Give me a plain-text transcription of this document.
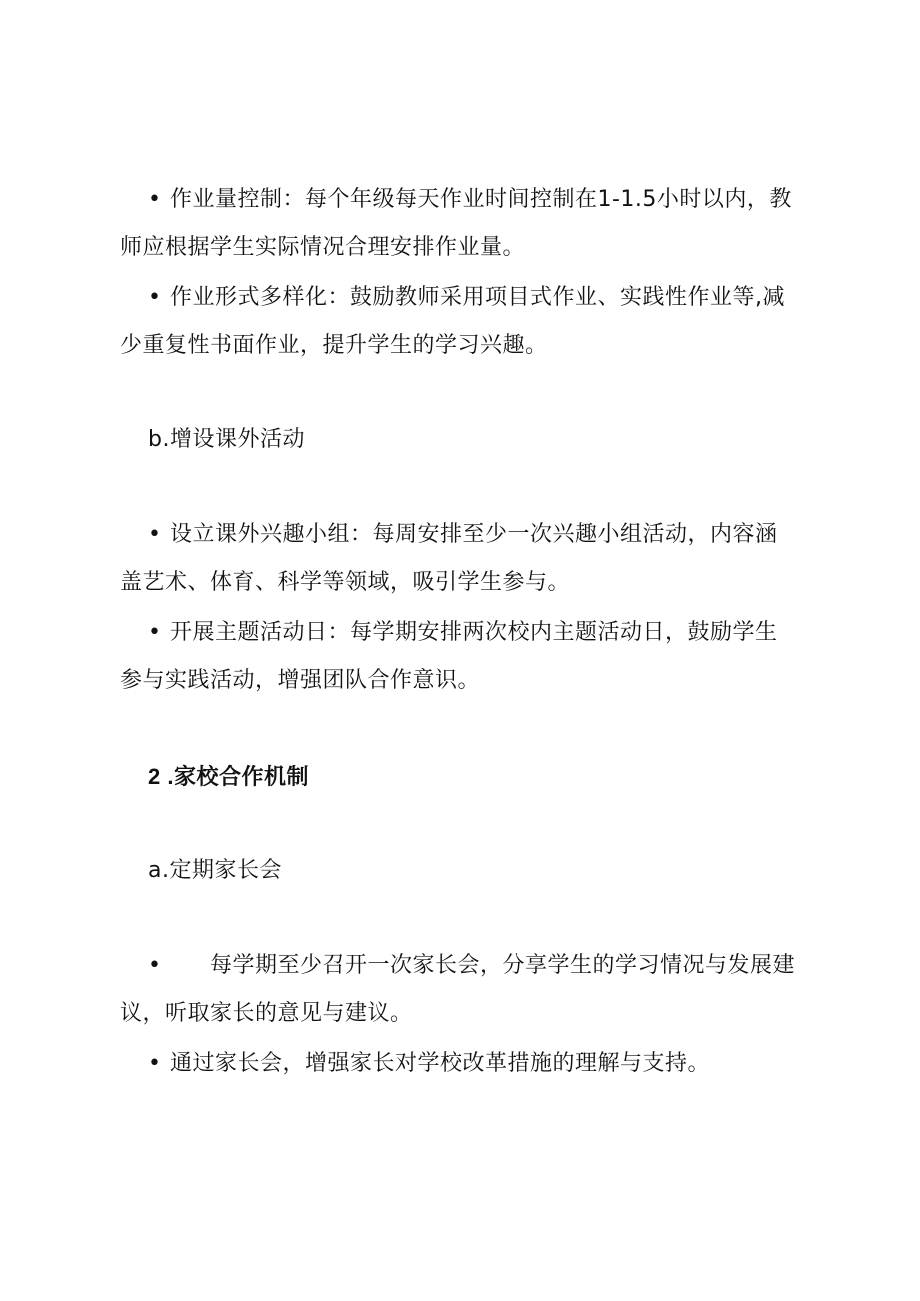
• 作业量控制：每个年级每天作业时间控制在1-1.5小时以内，教
师应根据学生实际情况合理安排作业量。
• 作业形式多样化：鼓励教师采用项目式作业、实践性作业等,减
少重复性书面作业，提升学生的学习兴趣。
b.增设课外活动
• 设立课外兴趣小组：每周安排至少一次兴趣小组活动，内容涵
盖艺术、体育、科学等领域，吸引学生参与。
• 开展主题活动日：每学期安排两次校内主题活动日，鼓励学生
参与实践活动，增强团队合作意识。
2 .家校合作机制
a.定期家长会
• 每学期至少召开一次家长会，分享学生的学习情况与发展建
议，听取家长的意见与建议。
• 通过家长会，增强家长对学校改革措施的理解与支持。
